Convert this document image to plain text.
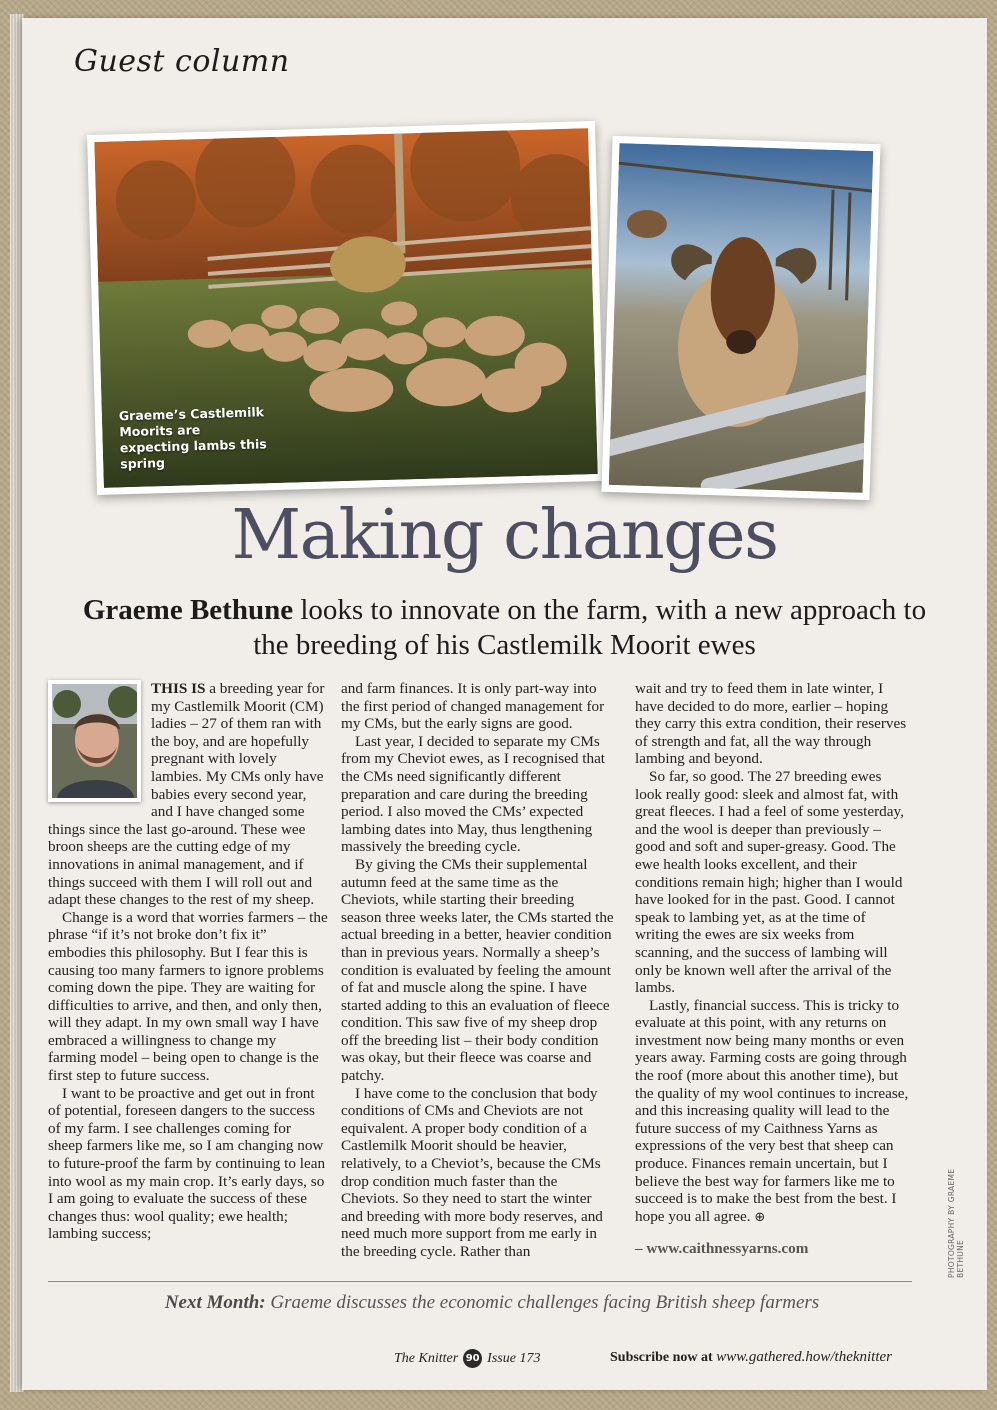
Guest column
Graeme’s Castlemilk Moorits are expecting lambs this spring
Making changes
Graeme Bethune looks to innovate on the farm, with a new approach to the breeding of his Castlemilk Moorit ewes

THIS IS a breeding year for my Castlemilk Moorit (CM) ladies – 27 of them ran with the boy, and are hopefully pregnant with lovely lambies. My CMs only have babies every second year, and I have changed some things since the last go-around. These wee broon sheeps are the cutting edge of my innovations in animal management, and if things succeed with them I will roll out and adapt these changes to the rest of my sheep.

Change is a word that worries farmers – the phrase “if it’s not broke don’t fix it” embodies this philosophy. But I fear this is causing too many farmers to ignore problems coming down the pipe. They are waiting for difficulties to arrive, and then, and only then, will they adapt. In my own small way I have embraced a willingness to change my farming model – being open to change is the first step to future success.

I want to be proactive and get out in front of potential, foreseen dangers to the success of my farm. I see challenges coming for sheep farmers like me, so I am changing now to future-proof the farm by continuing to lean into wool as my main crop. It’s early days, so I am going to evaluate the success of these changes thus: wool quality; ewe health; lambing success;

and farm finances. It is only part-way into the first period of changed management for my CMs, but the early signs are good.

Last year, I decided to separate my CMs from my Cheviot ewes, as I recognised that the CMs need significantly different preparation and care during the breeding period. I also moved the CMs’ expected lambing dates into May, thus lengthening massively the breeding cycle.

By giving the CMs their supplemental autumn feed at the same time as the Cheviots, while starting their breeding season three weeks later, the CMs started the actual breeding in a better, heavier condition than in previous years. Normally a sheep’s condition is evaluated by feeling the amount of fat and muscle along the spine. I have started adding to this an evaluation of fleece condition. This saw five of my sheep drop off the breeding list – their body condition was okay, but their fleece was coarse and patchy.

I have come to the conclusion that body conditions of CMs and Cheviots are not equivalent. A proper body condition of a Castlemilk Moorit should be heavier, relatively, to a Cheviot’s, because the CMs drop condition much faster than the Cheviots. So they need to start the winter and breeding with more body reserves, and need much more support from me early in the breeding cycle. Rather than

wait and try to feed them in late winter, I have decided to do more, earlier – hoping they carry this extra condition, their reserves of strength and fat, all the way through lambing and beyond.

So far, so good. The 27 breeding ewes look really good: sleek and almost fat, with great fleeces. I had a feel of some yesterday, and the wool is deeper than previously – good and soft and super-greasy. Good. The ewe health looks excellent, and their conditions remain high; higher than I would have looked for in the past. Good. I cannot speak to lambing yet, as at the time of writing the ewes are six weeks from scanning, and the success of lambing will only be known well after the arrival of the lambs.

Lastly, financial success. This is tricky to evaluate at this point, with any returns on investment now being many months or even years away. Farming costs are going through the roof (more about this another time), but the quality of my wool continues to increase, and this increasing quality will lead to the future success of my Caithness Yarns as expressions of the very best that sheep can produce. Finances remain uncertain, but I believe the best way for farmers like me to succeed is to make the best from the best. I hope you all agree. ⊕

– www.caithnessyarns.com	PHOTOGRAPHY BY GRAEME BETHUNE
Next Month: Graeme discusses the economic challenges facing British sheep farmers
The Knitter 90 Issue 173	Subscribe now at www.gathered.how/theknitter
